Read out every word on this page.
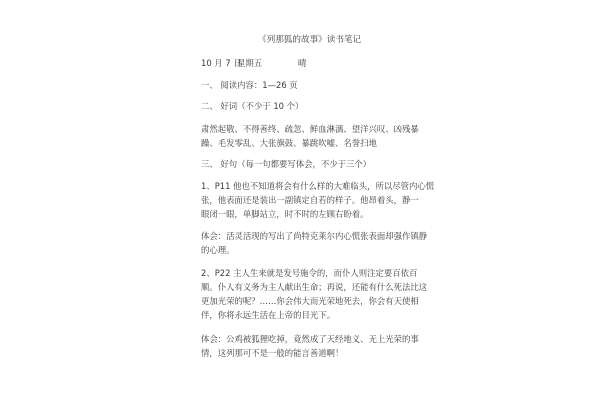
《列那狐的故事》读书笔记
10 月 7 日
星期五	晴
一、 阅读内容：1—26 页
二、 好词（不少于 10 个）
肃然起敬、不得善终、疏忽、鲜血淋漓、望洋兴叹、凶残暴
躁、毛发零乱、大张旗鼓、暴跳吹嘘、名誉扫地
三、 好句（每一句都要写体会，不少于三个）
1、P11 他也不知道将会有什么样的大难临头，所以尽管内心慌
张，他表面还是装出一副镇定自若的样子。他昂着头，静一
眼闭一眼，单脚站立，时不时的左顾右盼着。
体会：活灵活现的写出了尚特克莱尔内心慌张表面却强作镇静
的心理。
2、P22 主人生来就是发号施令的，而仆人则注定要百依百
顺。仆人有义务为主人献出生命；再说，还能有什么死法比这
更加光荣的呢？……你会伟大而光荣地死去，你会有天使相
伴，你将永远生活在上帝的目光下。
体会：公鸡被狐狸吃掉，竟然成了天经地义、无上光荣的事
情，这列那可不是一般的能言善道啊！
